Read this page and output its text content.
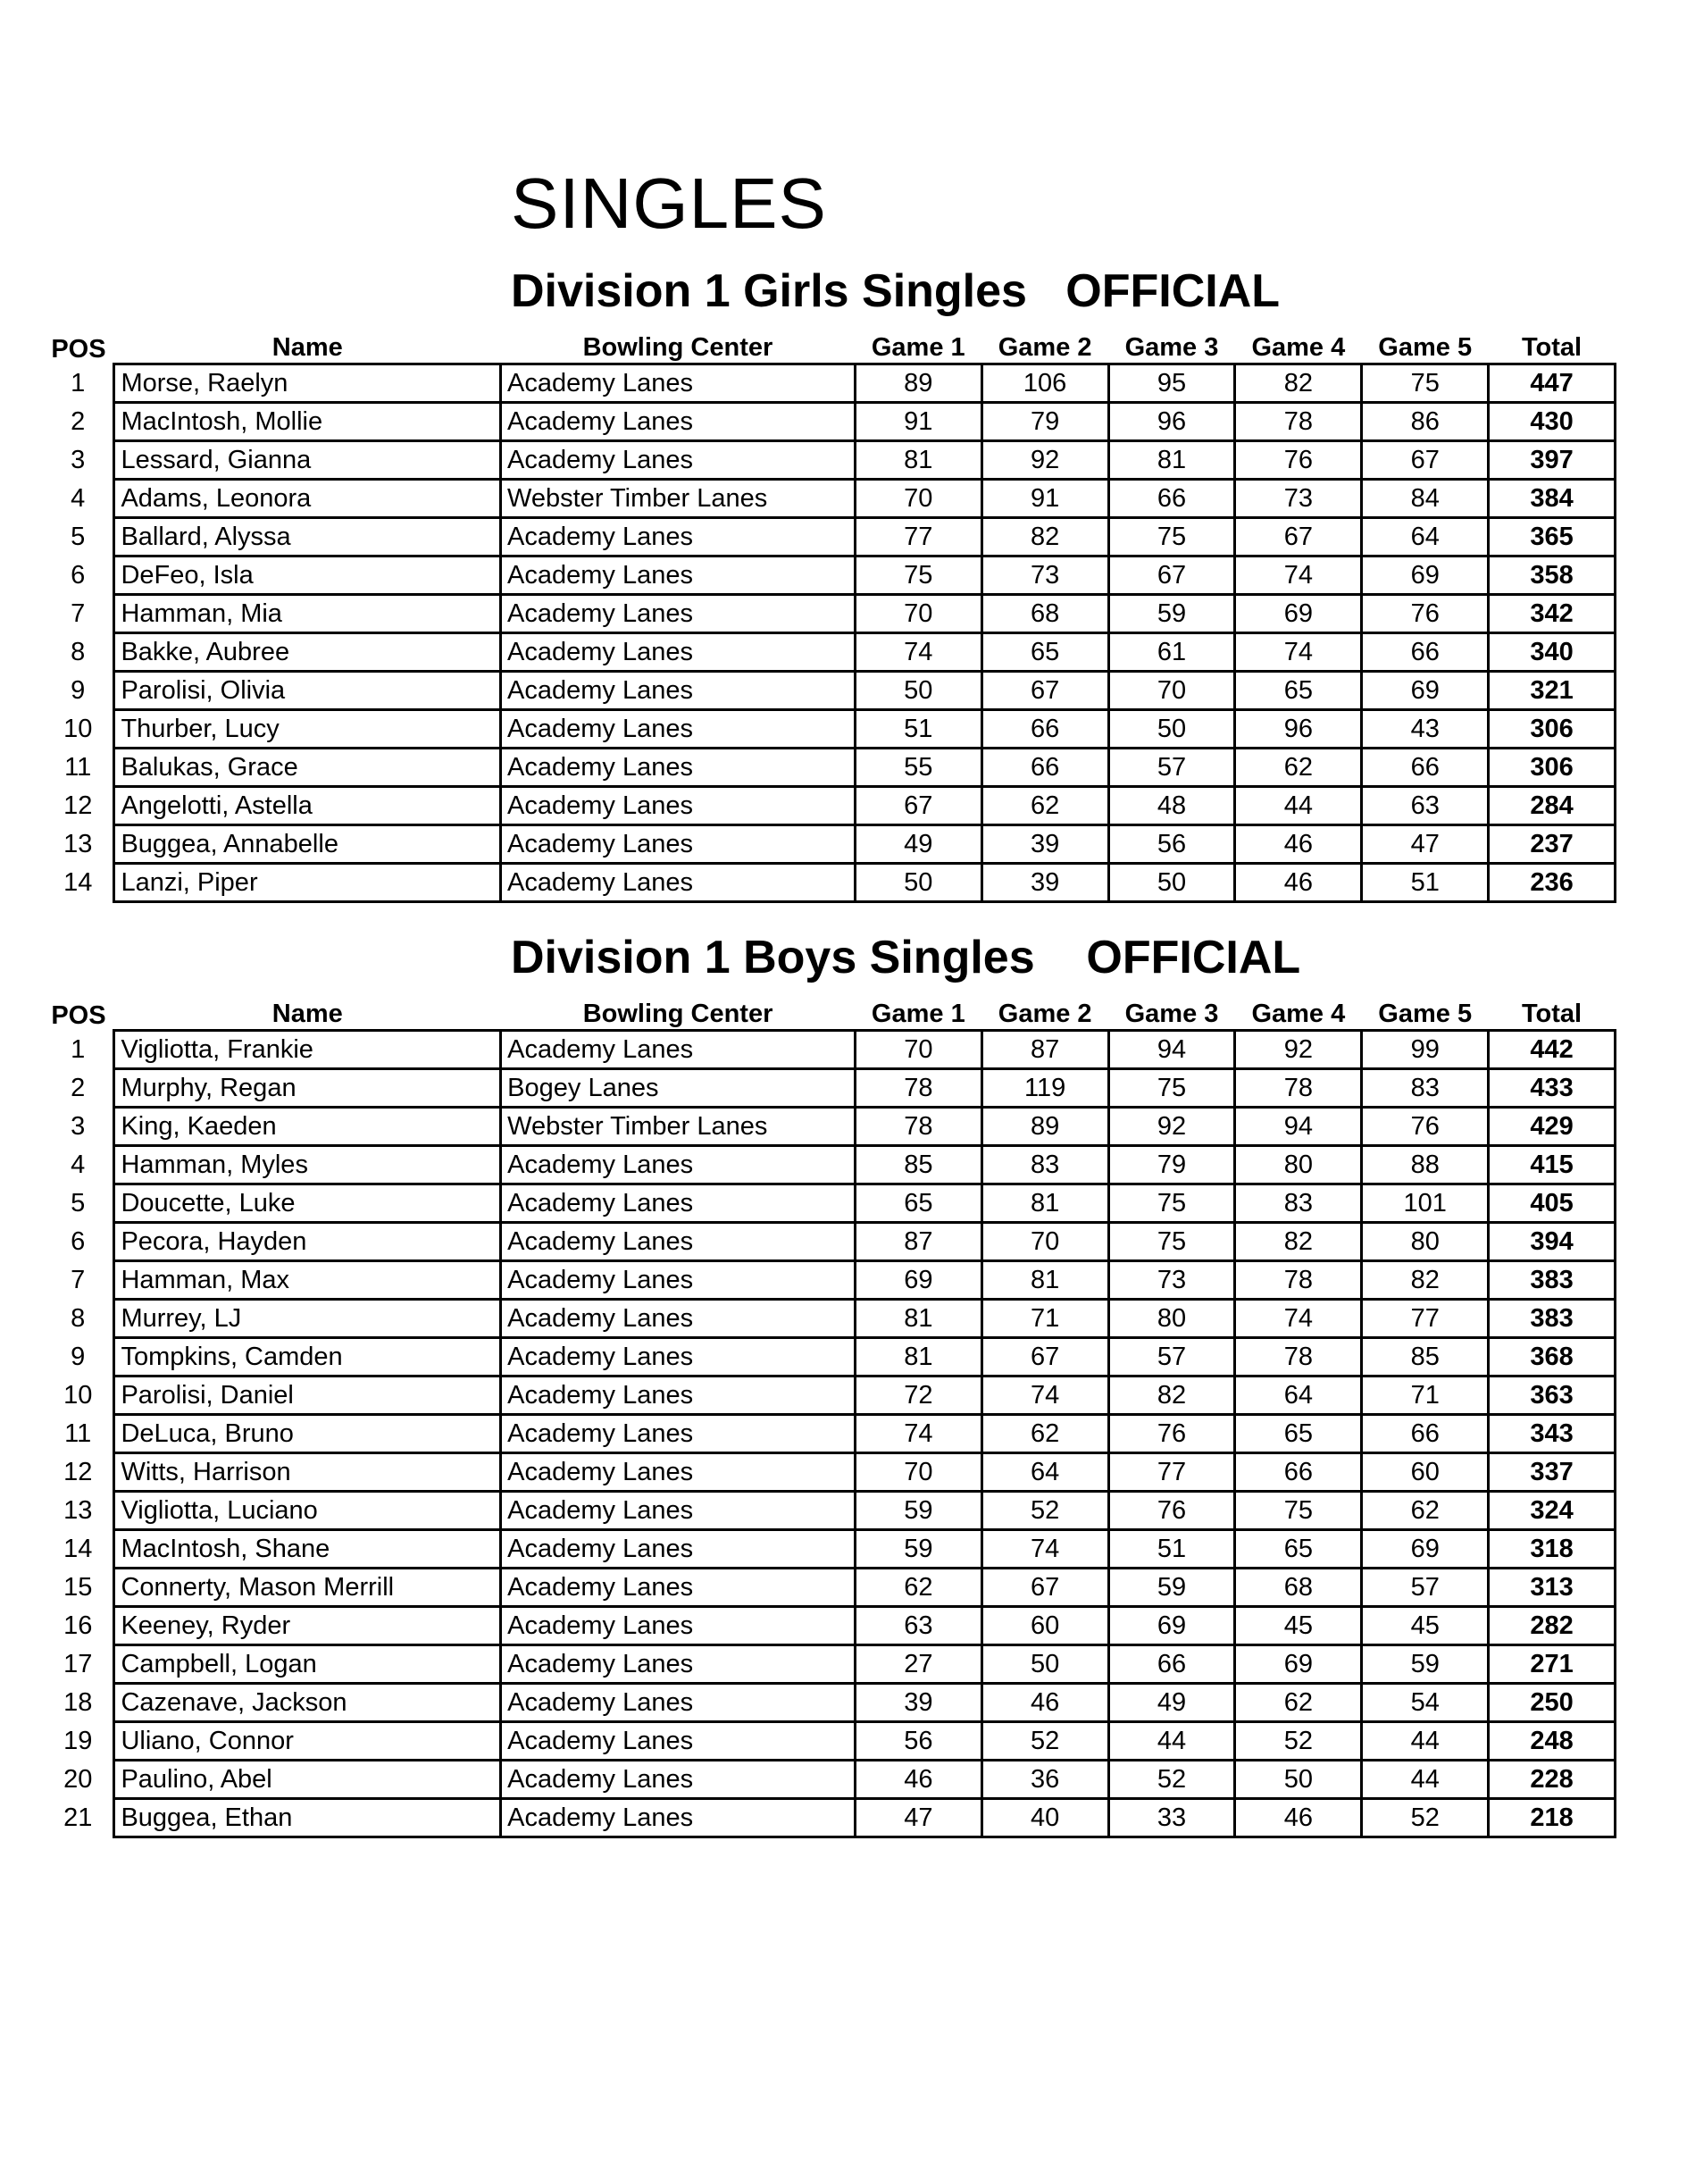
SINGLES
Division 1 Girls Singles   OFFICIAL
POS	Name	Bowling Center	Game 1	Game 2	Game 3	Game 4	Game 5	Total
1	Morse, Raelyn	Academy Lanes	89	106	95	82	75	447
2	MacIntosh, Mollie	Academy Lanes	91	79	96	78	86	430
3	Lessard, Gianna	Academy Lanes	81	92	81	76	67	397
4	Adams, Leonora	Webster Timber Lanes	70	91	66	73	84	384
5	Ballard, Alyssa	Academy Lanes	77	82	75	67	64	365
6	DeFeo, Isla	Academy Lanes	75	73	67	74	69	358
7	Hamman, Mia	Academy Lanes	70	68	59	69	76	342
8	Bakke, Aubree	Academy Lanes	74	65	61	74	66	340
9	Parolisi, Olivia	Academy Lanes	50	67	70	65	69	321
10	Thurber, Lucy	Academy Lanes	51	66	50	96	43	306
11	Balukas, Grace	Academy Lanes	55	66	57	62	66	306
12	Angelotti, Astella	Academy Lanes	67	62	48	44	63	284
13	Buggea, Annabelle	Academy Lanes	49	39	56	46	47	237
14	Lanzi, Piper	Academy Lanes	50	39	50	46	51	236
Division 1 Boys Singles    OFFICIAL
POS	Name	Bowling Center	Game 1	Game 2	Game 3	Game 4	Game 5	Total
1	Vigliotta, Frankie	Academy Lanes	70	87	94	92	99	442
2	Murphy, Regan	Bogey Lanes	78	119	75	78	83	433
3	King, Kaeden	Webster Timber Lanes	78	89	92	94	76	429
4	Hamman, Myles	Academy Lanes	85	83	79	80	88	415
5	Doucette, Luke	Academy Lanes	65	81	75	83	101	405
6	Pecora, Hayden	Academy Lanes	87	70	75	82	80	394
7	Hamman, Max	Academy Lanes	69	81	73	78	82	383
8	Murrey, LJ	Academy Lanes	81	71	80	74	77	383
9	Tompkins, Camden	Academy Lanes	81	67	57	78	85	368
10	Parolisi, Daniel	Academy Lanes	72	74	82	64	71	363
11	DeLuca, Bruno	Academy Lanes	74	62	76	65	66	343
12	Witts, Harrison	Academy Lanes	70	64	77	66	60	337
13	Vigliotta, Luciano	Academy Lanes	59	52	76	75	62	324
14	MacIntosh, Shane	Academy Lanes	59	74	51	65	69	318
15	Connerty, Mason Merrill	Academy Lanes	62	67	59	68	57	313
16	Keeney, Ryder	Academy Lanes	63	60	69	45	45	282
17	Campbell, Logan	Academy Lanes	27	50	66	69	59	271
18	Cazenave, Jackson	Academy Lanes	39	46	49	62	54	250
19	Uliano, Connor	Academy Lanes	56	52	44	52	44	248
20	Paulino, Abel	Academy Lanes	46	36	52	50	44	228
21	Buggea, Ethan	Academy Lanes	47	40	33	46	52	218
